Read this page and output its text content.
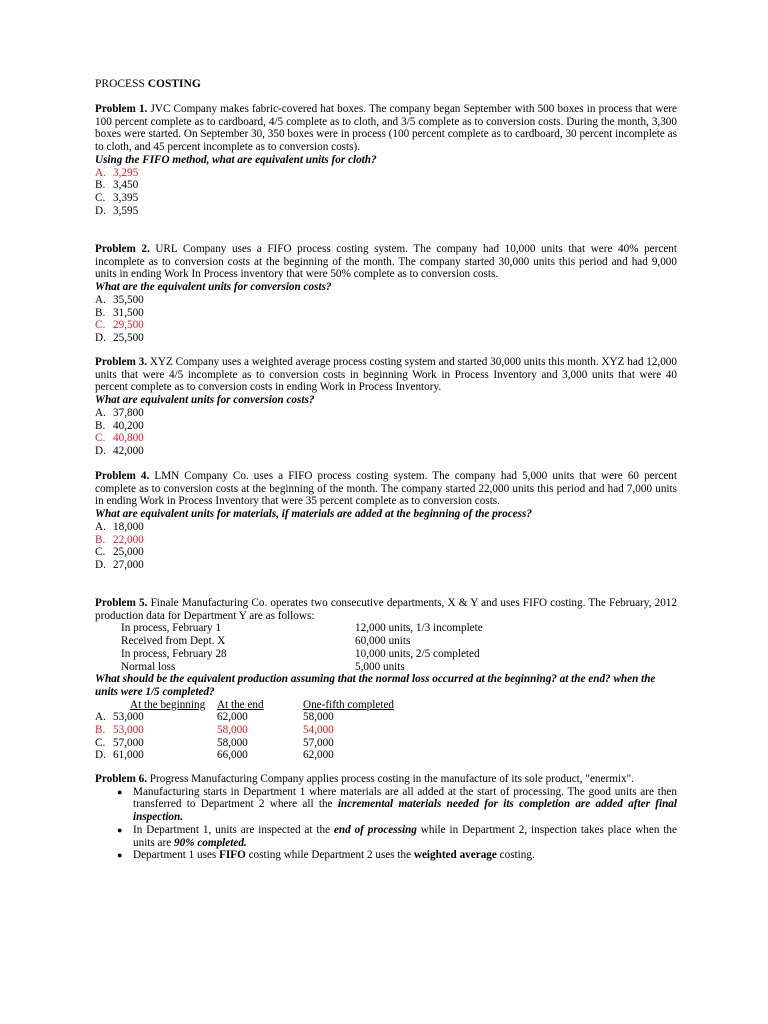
PROCESS COSTING
Problem 1. JVC Company makes fabric-covered hat boxes. The company began September with 500 boxes in process that were 100 percent complete as to cardboard, 4/5 complete as to cloth, and 3/5 complete as to conversion costs. During the month, 3,300 boxes were started. On September 30, 350 boxes were in process (100 percent complete as to cardboard, 30 percent incomplete as to cloth, and 45 percent incomplete as to conversion costs).
Using the FIFO method, what are equivalent units for cloth?
A. 3,295
B. 3,450
C. 3,395
D. 3,595
Problem 2. URL Company uses a FIFO process costing system. The company had 10,000 units that were 40% percent incomplete as to conversion costs at the beginning of the month. The company started 30,000 units this period and had 9,000 units in ending Work In Process inventory that were 50% complete as to conversion costs.
What are the equivalent units for conversion costs?
A. 35,500
B. 31,500
C. 29,500
D. 25,500
Problem 3. XYZ Company uses a weighted average process costing system and started 30,000 units this month. XYZ had 12,000 units that were 4/5 incomplete as to conversion costs in beginning Work in Process Inventory and 3,000 units that were 40 percent complete as to conversion costs in ending Work in Process Inventory.
What are equivalent units for conversion costs?
A. 37,800
B. 40,200
C. 40,800
D. 42,000
Problem 4. LMN Company Co. uses a FIFO process costing system. The company had 5,000 units that were 60 percent complete as to conversion costs at the beginning of the month. The company started 22,000 units this period and had 7,000 units in ending Work in Process Inventory that were 35 percent complete as to conversion costs.
What are equivalent units for materials, if materials are added at the beginning of the process?
A. 18,000
B. 22,000
C. 25,000
D. 27,000
Problem 5. Finale Manufacturing Co. operates two consecutive departments, X & Y and uses FIFO costing. The February, 2012 production data for Department Y are as follows:
In process, February 1	12,000 units, 1/3 incomplete
Received from Dept. X	60,000 units
In process, February 28	10,000 units, 2/5 completed
Normal loss	5,000 units
What should be the equivalent production assuming that the normal loss occurred at the beginning? at the end? when the units were 1/5 completed?
At the beginning	At the end	One-fifth completed
A. 53,000	62,000	58,000
B. 53,000	58,000	54,000
C. 57,000	58,000	57,000
D. 61,000	66,000	62,000
Problem 6. Progress Manufacturing Company applies process costing in the manufacture of its sole product, "enermix".
● Manufacturing starts in Department 1 where materials are all added at the start of processing. The good units are then transferred to Department 2 where all the incremental materials needed for its completion are added after final inspection.
● In Department 1, units are inspected at the end of processing while in Department 2, inspection takes place when the units are 90% completed.
● Department 1 uses FIFO costing while Department 2 uses the weighted average costing.
